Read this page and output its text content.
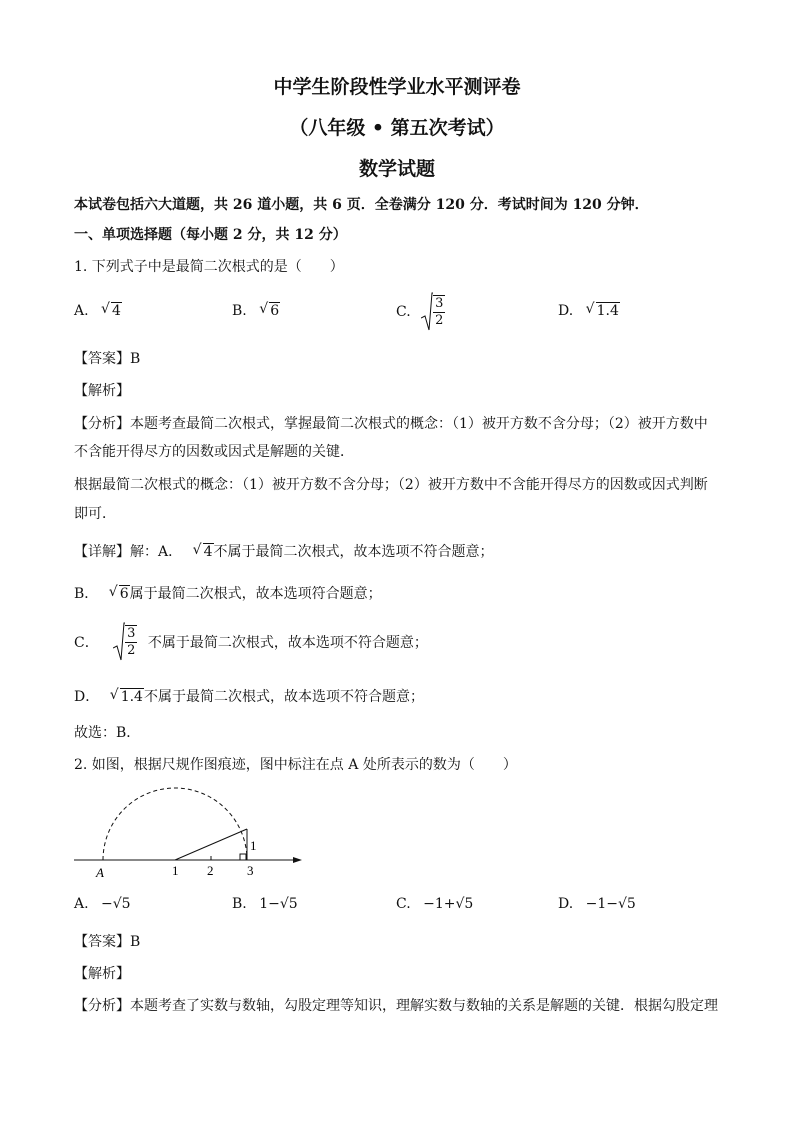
中学生阶段性学业水平测评卷
（八年级 • 第五次考试）
数学试题
本试卷包括六大道题，共 26 道小题，共 6 页．全卷满分 120 分．考试时间为 120 分钟．
一、单项选择题（每小题 2 分，共 12 分）
1. 下列式子中是最简二次根式的是（　　）
A. √ 4	B. √ 6	C. $\frac{3}{2}$	D. √ 1.4
【答案】B
【解析】
【分析】本题考查最简二次根式，掌握最简二次根式的概念：（1）被开方数不含分母；（2）被开方数中
不含能开得尽方的因数或因式是解题的关键．
根据最简二次根式的概念：（1）被开方数不含分母；（2）被开方数中不含能开得尽方的因数或因式判断
即可．
【详解】解：A． √ 4不属于最简二次根式，故本选项不符合题意；
B． √ 6属于最简二次根式，故本选项符合题意；
C． $\frac{3}{2}$ 不属于最简二次根式，故本选项不符合题意；
D． √ 1.4不属于最简二次根式，故本选项不符合题意；
故选：B．
2. 如图，根据尺规作图痕迹，图中标注在点 A 处所表示的数为（　　）
A	1 2	3
1
A. −√5	B. 1−√5	C. −1+√5	D. −1−√5
【答案】B
【解析】
【分析】本题考查了实数与数轴，勾股定理等知识，理解实数与数轴的关系是解题的关键．根据勾股定理
